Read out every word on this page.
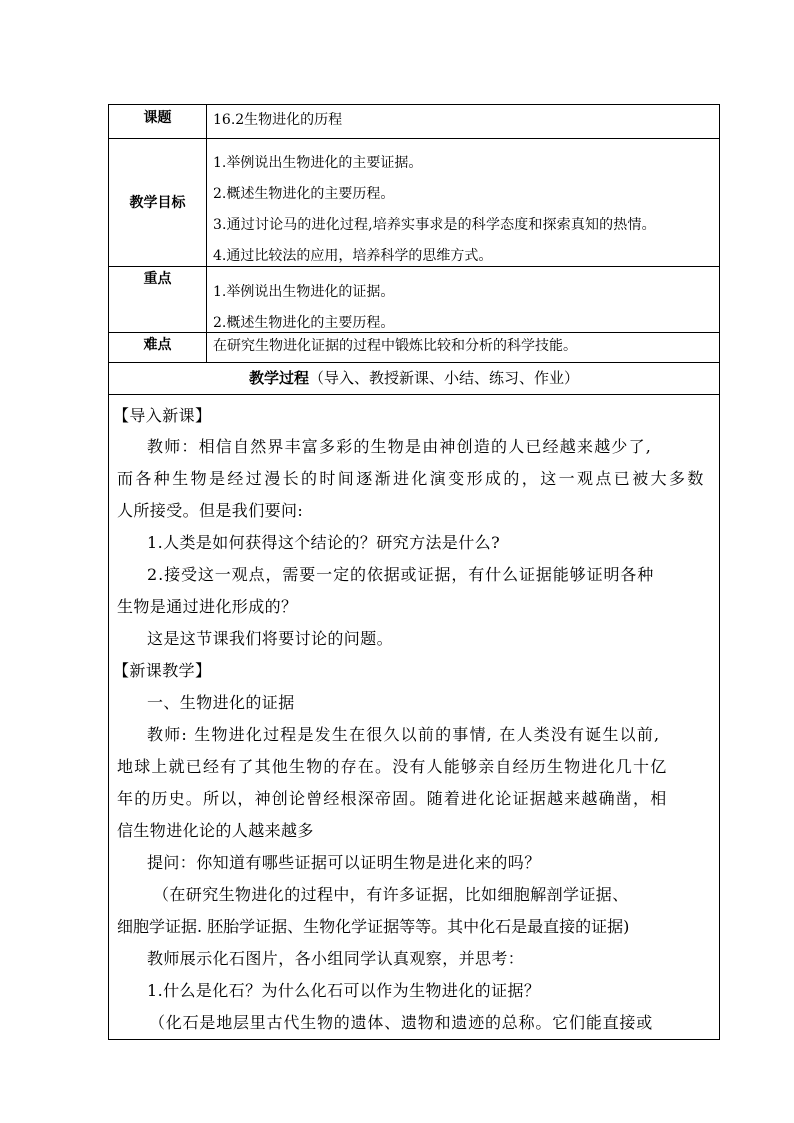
课题	16.2生物进化的历程
教学目标
1.举例说出生物进化的主要证据。
2.概述生物进化的主要历程。
3.通过讨论马的进化过程,培养实事求是的科学态度和探索真知的热情。
4.通过比较法的应用，培养科学的思维方式。
重点
1.举例说出生物进化的证据。
2.概述生物进化的主要历程。
难点	在研究生物进化证据的过程中锻炼比较和分析的科学技能。
教学过程（导入、教授新课、小结、练习、作业）
【导入新课】
教师：相信自然界丰富多彩的生物是由神创造的人已经越来越少了,
而各种生物是经过漫长的时间逐渐进化演变形成的，这一观点已被大多数
人所接受。但是我们要问:
1.人类是如何获得这个结论的？研究方法是什么?
2.接受这一观点，需要一定的依据或证据，有什么证据能够证明各种
生物是通过进化形成的？
这是这节课我们将要讨论的问题。
【新课教学】
一、生物进化的证据
教师: 生物进化过程是发生在很久以前的事情, 在人类没有诞生以前,
地球上就已经有了其他生物的存在。没有人能够亲自经历生物进化几十亿
年的历史。所以，神创论曾经根深帝固。随着进化论证据越来越确凿，相
信生物进化论的人越来越多
提问：你知道有哪些证据可以证明生物是进化来的吗？
（在研究生物进化的过程中，有许多证据，比如细胞解剖学证据、
细胞学证据. 胚胎学证据、生物化学证据等等。其中化石是最直接的证据)
教师展示化石图片，各小组同学认真观察，并思考：
1.什么是化石？为什么化石可以作为生物进化的证据？
（化石是地层里古代生物的遗体、遗物和遗迹的总称。它们能直接或
